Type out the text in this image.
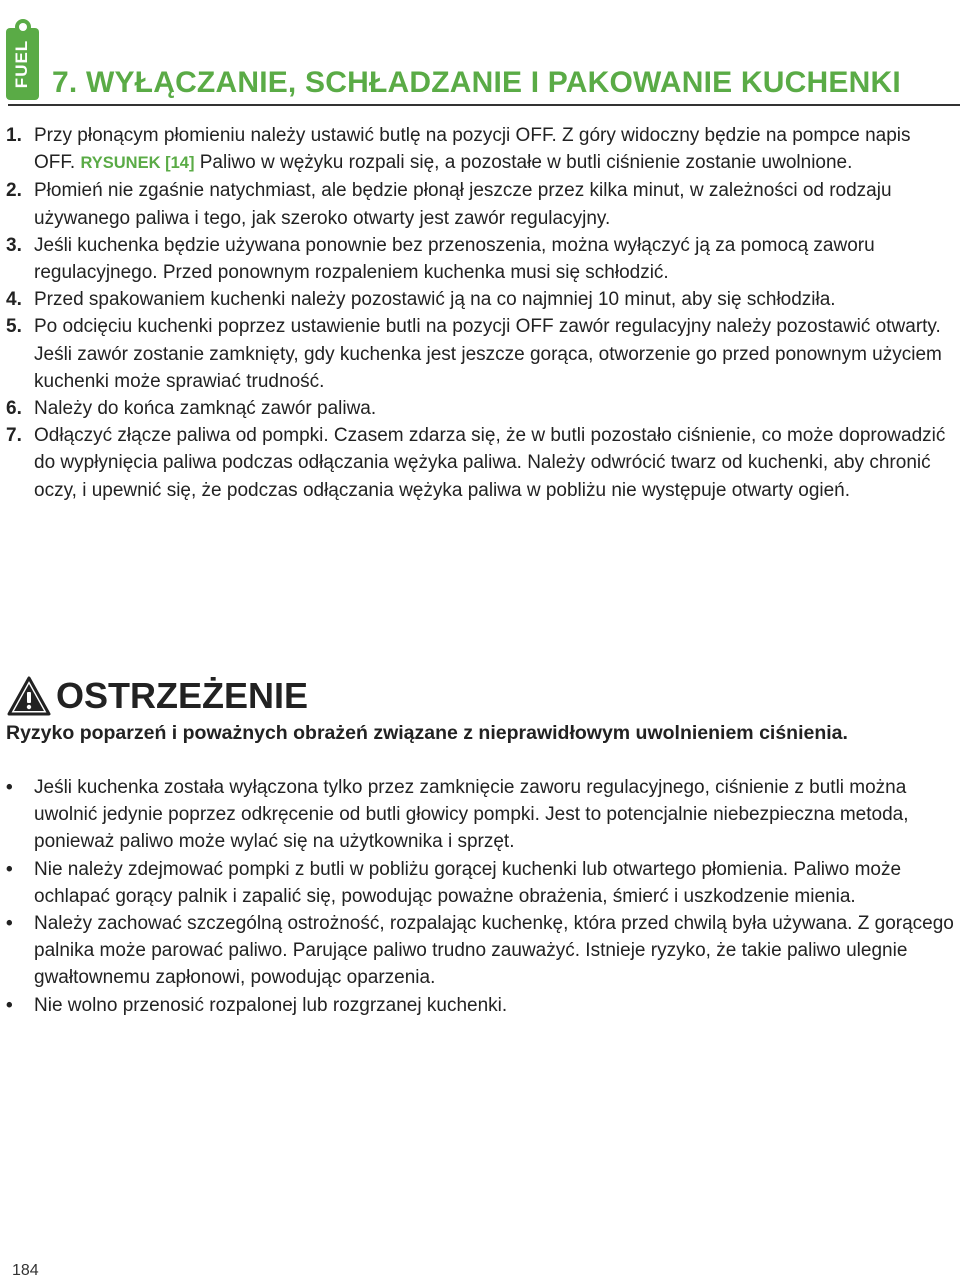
FUEL 7. WYŁĄCZANIE, SCHŁADZANIE I PAKOWANIE KUCHENKI
1. Przy płonącym płomieniu należy ustawić butlę na pozycji OFF. Z góry widoczny będzie na pompce napis OFF. RYSUNEK [14] Paliwo w wężyku rozpali się, a pozostałe w butli ciśnienie zostanie uwolnione.
2. Płomień nie zgaśnie natychmiast, ale będzie płonął jeszcze przez kilka minut, w zależności od rodzaju używanego paliwa i tego, jak szeroko otwarty jest zawór regulacyjny.
3. Jeśli kuchenka będzie używana ponownie bez przenoszenia, można wyłączyć ją za pomocą zaworu regulacyjnego. Przed ponownym rozpaleniem kuchenka musi się schłodzić.
4. Przed spakowaniem kuchenki należy pozostawić ją na co najmniej 10 minut, aby się schłodziła.
5. Po odcięciu kuchenki poprzez ustawienie butli na pozycji OFF zawór regulacyjny należy pozostawić otwarty. Jeśli zawór zostanie zamknięty, gdy kuchenka jest jeszcze gorąca, otworzenie go przed ponownym użyciem kuchenki może sprawiać trudność.
6. Należy do końca zamknąć zawór paliwa.
7. Odłączyć złącze paliwa od pompki. Czasem zdarza się, że w butli pozostało ciśnienie, co może doprowadzić do wypłynięcia paliwa podczas odłączania wężyka paliwa. Należy odwrócić twarz od kuchenki, aby chronić oczy, i upewnić się, że podczas odłączania wężyka paliwa w pobliżu nie występuje otwarty ogień.
OSTRZEŻENIE
Ryzyko poparzeń i poważnych obrażeń związane z nieprawidłowym uwolnieniem ciśnienia.
•	Jeśli kuchenka została wyłączona tylko przez zamknięcie zaworu regulacyjnego, ciśnienie z butli można uwolnić jedynie poprzez odkręcenie od butli głowicy pompki. Jest to potencjalnie niebezpieczna metoda, ponieważ paliwo może wylać się na użytkownika i sprzęt.
•	Nie należy zdejmować pompki z butli w pobliżu gorącej kuchenki lub otwartego płomienia. Paliwo może ochlapać gorący palnik i zapalić się, powodując poważne obrażenia, śmierć i uszkodzenie mienia.
•	Należy zachować szczególną ostrożność, rozpalając kuchenkę, która przed chwilą była używana. Z gorącego palnika może parować paliwo. Parujące paliwo trudno zauważyć. Istnieje ryzyko, że takie paliwo ulegnie gwałtownemu zapłonowi, powodując oparzenia.
•	Nie wolno przenosić rozpalonej lub rozgrzanej kuchenki.
184
